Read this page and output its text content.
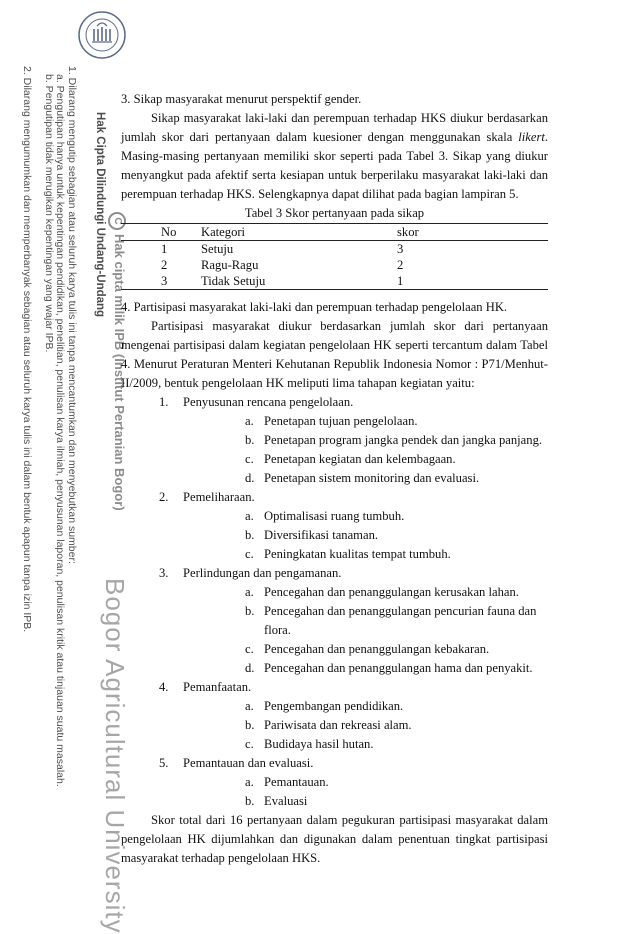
Hak Cipta Dilindungi Undang-Undang
1. Dilarang mengutip sebagian atau seluruh karya tulis ini tanpa mencantumkan dan menyebutkan sumber:
a. Pengutipan hanya untuk kepentingan pendidikan, penelitian, penulisan karya ilmiah, penyusunan laporan, penulisan kritik atau tinjauan suatu masalah.
b. Pengutipan tidak merugikan kepentingan yang wajar IPB.
2. Dilarang mengumumkan dan memperbanyak sebagian atau seluruh karya tulis ini dalam bentuk apapun tanpa izin IPB.	CHak cipta milik IPB (Institut Pertanian Bogor)
Bogor Agricultural University

3. Sikap masyarakat menurut perspektif gender.

Sikap masyarakat laki-laki dan perempuan terhadap HKS diukur berdasarkan jumlah skor dari pertanyaan dalam kuesioner dengan menggunakan skala likert. Masing-masing pertanyaan memiliki skor seperti pada Tabel 3. Sikap yang diukur menyangkut pada afektif serta kesiapan untuk berperilaku masyarakat laki-laki dan perempuan terhadap HKS. Selengkapnya dapat dilihat pada bagian lampiran 5.

Tabel 3 Skor pertanyaan pada sikap

No	Kategori	skor
1	Setuju	3
2	Ragu-Ragu	2
3	Tidak Setuju	1

4. Partisipasi masyarakat laki-laki dan perempuan terhadap pengelolaan HK.

Partisipasi masyarakat diukur berdasarkan jumlah skor dari pertanyaan mengenai partisipasi dalam kegiatan pengelolaan HK seperti tercantum dalam Tabel 4. Menurut Peraturan Menteri Kehutanan Republik Indonesia Nomor : P71/Menhut-II/2009, bentuk pengelolaan HK meliputi lima tahapan kegiatan yaitu:

1. Penyusunan rencana pengelolaan.
a. Penetapan tujuan pengelolaan.
b. Penetapan program jangka pendek dan jangka panjang.
c. Penetapan kegiatan dan kelembagaan.
d. Penetapan sistem monitoring dan evaluasi.
2. Pemeliharaan.
a. Optimalisasi ruang tumbuh.
b. Diversifikasi tanaman.
c. Peningkatan kualitas tempat tumbuh.
3. Perlindungan dan pengamanan.
a. Pencegahan dan penanggulangan kerusakan lahan.
b. Pencegahan dan penanggulangan pencurian fauna dan flora.
c. Pencegahan dan penanggulangan kebakaran.
d. Pencegahan dan penanggulangan hama dan penyakit.
4. Pemanfaatan.
a. Pengembangan pendidikan.
b. Pariwisata dan rekreasi alam.
c. Budidaya hasil hutan.
5. Pemantauan dan evaluasi.
a. Pemantauan.
b. Evaluasi

Skor total dari 16 pertanyaan dalam pegukuran partisipasi masyarakat dalam pengelolaan HK dijumlahkan dan digunakan dalam penentuan tingkat partisipasi masyarakat terhadap pengelolaan HKS.
